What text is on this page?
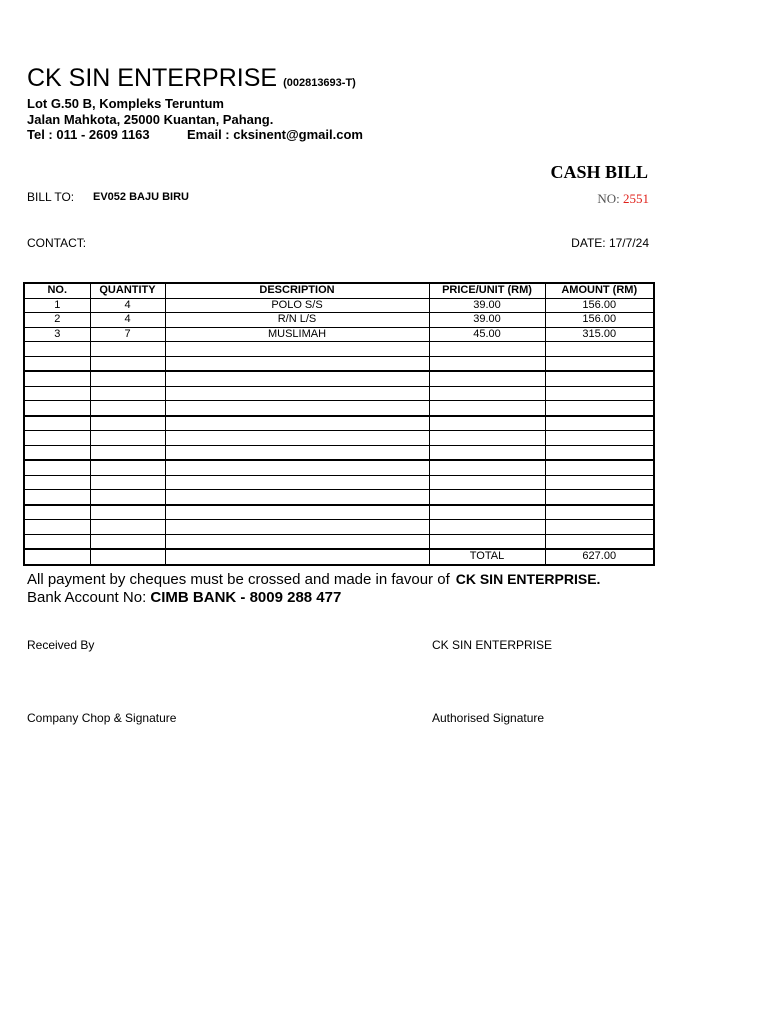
CK SIN ENTERPRISE (002813693-T)
Lot G.50 B, Kompleks Teruntum
Jalan Mahkota, 25000 Kuantan, Pahang.
Tel : 011 - 2609 1163	Email : cksinent@gmail.com
CASH BILL
BILL TO: EV052 BAJU BIRU	NO: 2551
CONTACT:	DATE: 17/7/24
NO.	QUANTITY	DESCRIPTION	PRICE/UNIT (RM)	AMOUNT (RM)
1	4	POLO S/S	39.00	156.00
2	4	R/N L/S	39.00	156.00
3	7	MUSLIMAH	45.00	315.00

			TOTAL	627.00
All payment by cheques must be crossed and made in favour of CK SIN ENTERPRISE.
Bank Account No: CIMB BANK - 8009 288 477
Received By	CK SIN ENTERPRISE
Company Chop & Signature	Authorised Signature
